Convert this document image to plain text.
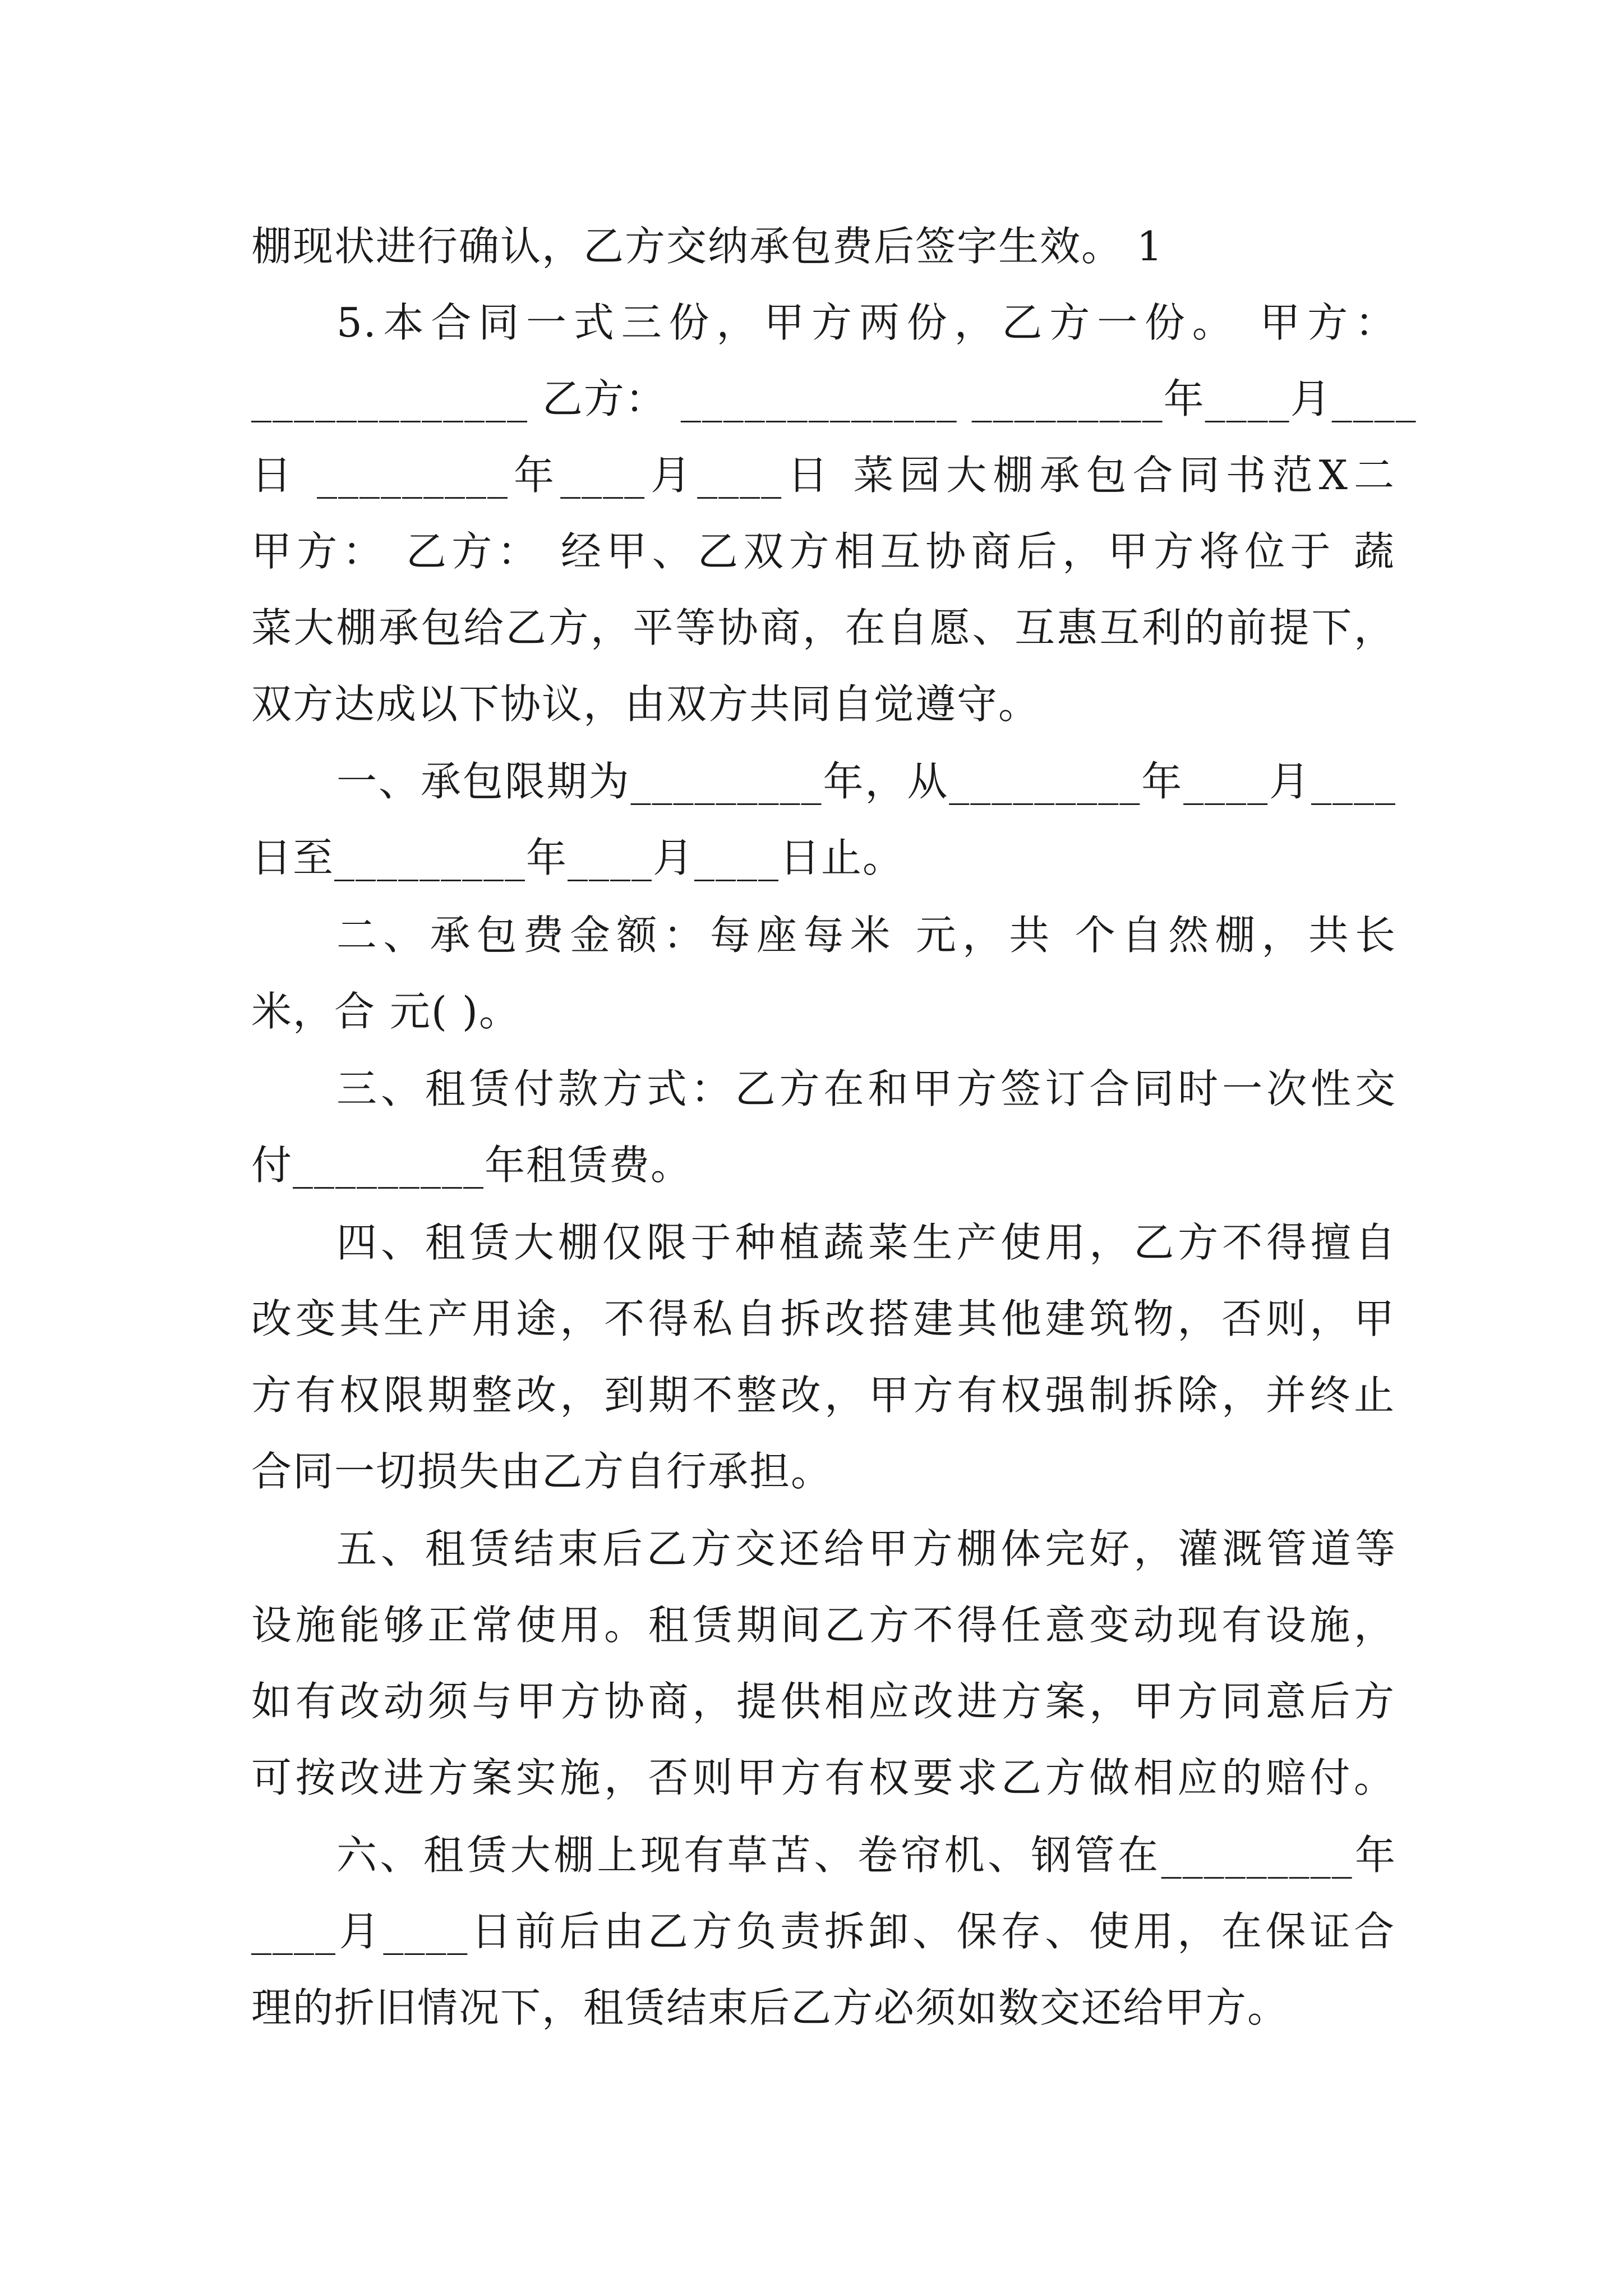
棚现状进行确认，乙方交纳承包费后签字生效。 1
5.本合同一式三份，甲方两份，乙方一份。 甲方：
_____________ 乙方： _____________ _________年____月____
日 _________年____月____日 菜园大棚承包合同书范X二
甲方： 乙方： 经甲、乙双方相互协商后，甲方将位于 蔬
菜大棚承包给乙方，平等协商，在自愿、互惠互利的前提下，
双方达成以下协议，由双方共同自觉遵守。
一、承包限期为_________年，从_________年____月____
日至_________年____月____日止。
二、承包费金额：每座每米 元，共 个自然棚，共长
米，合 元( )。
三、租赁付款方式：乙方在和甲方签订合同时一次性交
付_________年租赁费。
四、租赁大棚仅限于种植蔬菜生产使用，乙方不得擅自
改变其生产用途，不得私自拆改搭建其他建筑物，否则，甲
方有权限期整改，到期不整改，甲方有权强制拆除，并终止
合同一切损失由乙方自行承担。
五、租赁结束后乙方交还给甲方棚体完好，灌溉管道等
设施能够正常使用。租赁期间乙方不得任意变动现有设施，
如有改动须与甲方协商，提供相应改进方案，甲方同意后方
可按改进方案实施，否则甲方有权要求乙方做相应的赔付。
六、租赁大棚上现有草苫、卷帘机、钢管在_________年
____月____日前后由乙方负责拆卸、保存、使用，在保证合
理的折旧情况下，租赁结束后乙方必须如数交还给甲方。
